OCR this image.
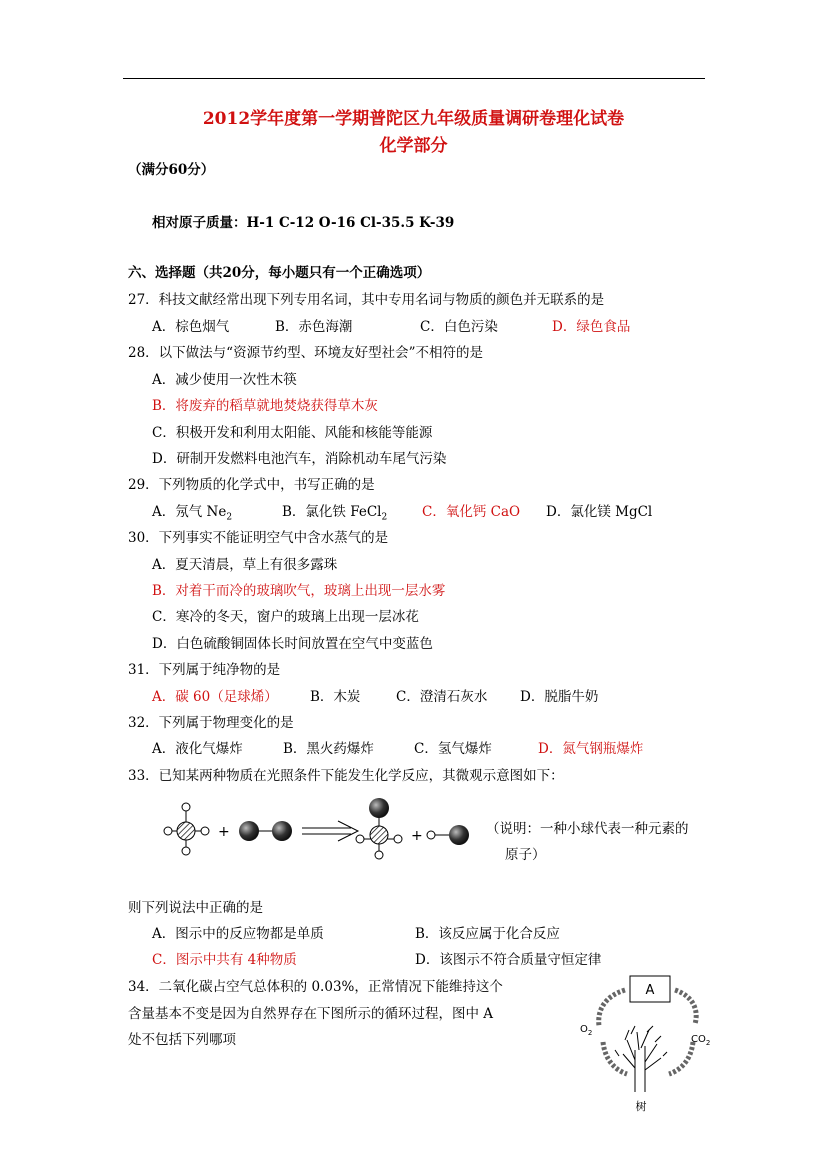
2012学年度第一学期普陀区九年级质量调研卷理化试卷
化学部分
（满分60分）
相对原子质量：H-1 C-12 O-16 Cl-35.5 K-39
六、选择题（共20分，每小题只有一个正确选项）
27．科技文献经常出现下列专用名词，其中专用名词与物质的颜色并无联系的是
A．棕色烟气	B．赤色海潮	C．白色污染	D．绿色食品
28．以下做法与“资源节约型、环境友好型社会”不相符的是
A．减少使用一次性木筷
B．将废弃的稻草就地焚烧获得草木灰
C．积极开发和利用太阳能、风能和核能等能源
D．研制开发燃料电池汽车，消除机动车尾气污染
29．下列物质的化学式中，书写正确的是
A．氖气 $Ne_2$	B．氯化铁 FeCl$_2$	C．氧化钙 CaO D．氯化镁 MgCl
30．下列事实不能证明空气中含水蒸气的是
A．夏天清晨，草上有很多露珠
B．对着干而冷的玻璃吹气，玻璃上出现一层水雾
C．寒冷的冬天，窗户的玻璃上出现一层冰花
D．白色硫酸铜固体长时间放置在空气中变蓝色
31．下列属于纯净物的是
A．碳 60（足球烯） B．木炭	C．澄清石灰水 D．脱脂牛奶
32．下列属于物理变化的是
A．液化气爆炸	B．黑火药爆炸	C．氢气爆炸	D．氮气钢瓶爆炸
33．已知某两种物质在光照条件下能发生化学反应，其微观示意图如下：
+	+	（说明：一种小球代表一种元素的
原子）
则下列说法中正确的是
A．图示中的反应物都是单质	B．该反应属于化合反应
C．图示中共有 4种物质	D．该图示不符合质量守恒定律
34．二氧化碳占空气总体积的 0.03%，正常情况下能维持这个
含量基本不变是因为自然界存在下图所示的循环过程，图中 A
处不包括下列哪项
A
$O_2$
$CO_2$
树
